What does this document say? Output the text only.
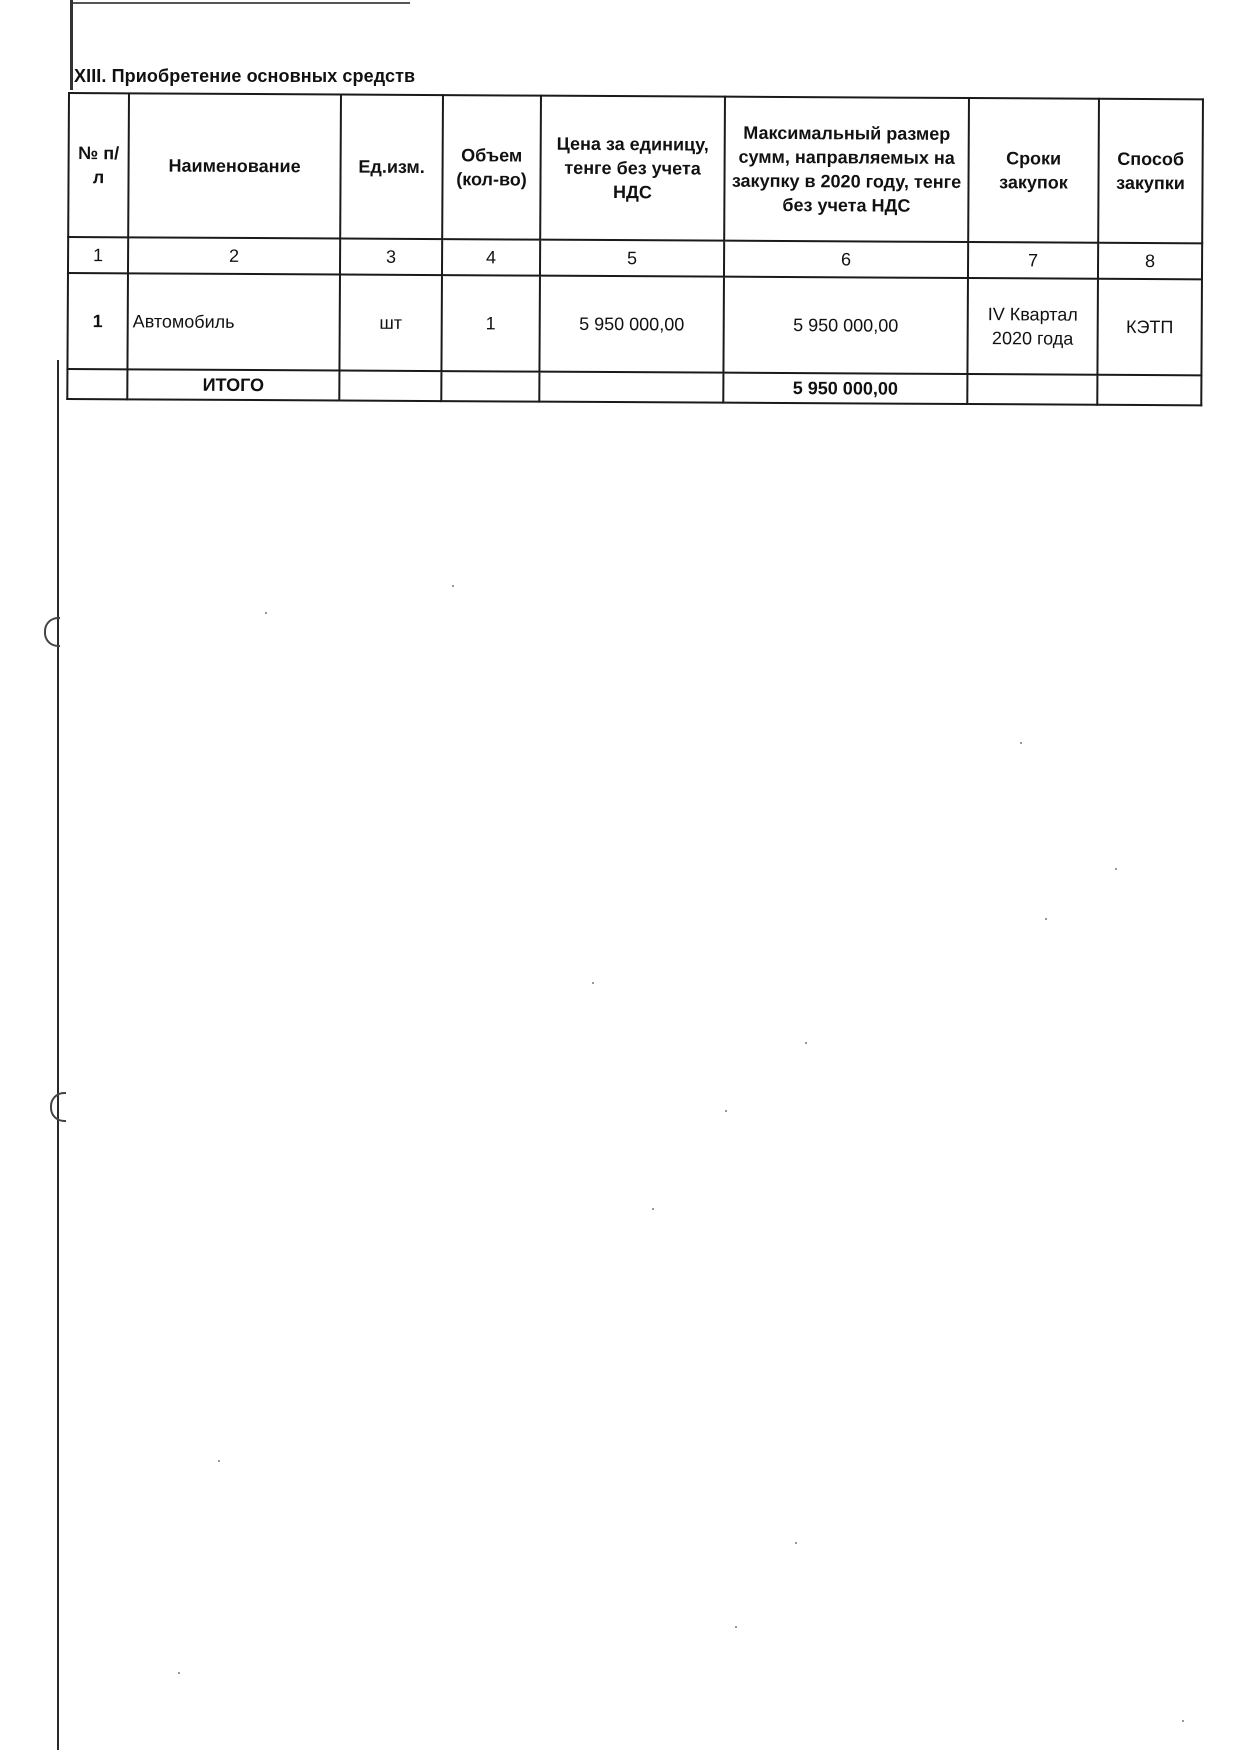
XIII. Приобретение основных средств
№ п/л	Наименование	Ед.изм.	Объем (кол-во)	Цена за единицу, тенге без учета НДС	Максимальный размер сумм, направляемых на закупку в 2020 году, тенге без учета НДС	Сроки закупок	Способ закупки
1	2	3	4	5	6	7	8
1	Автомобиль	шт	1	5 950 000,00	5 950 000,00	IV Квартал 2020 года	КЭТП
	ИТОГО				5 950 000,00		
